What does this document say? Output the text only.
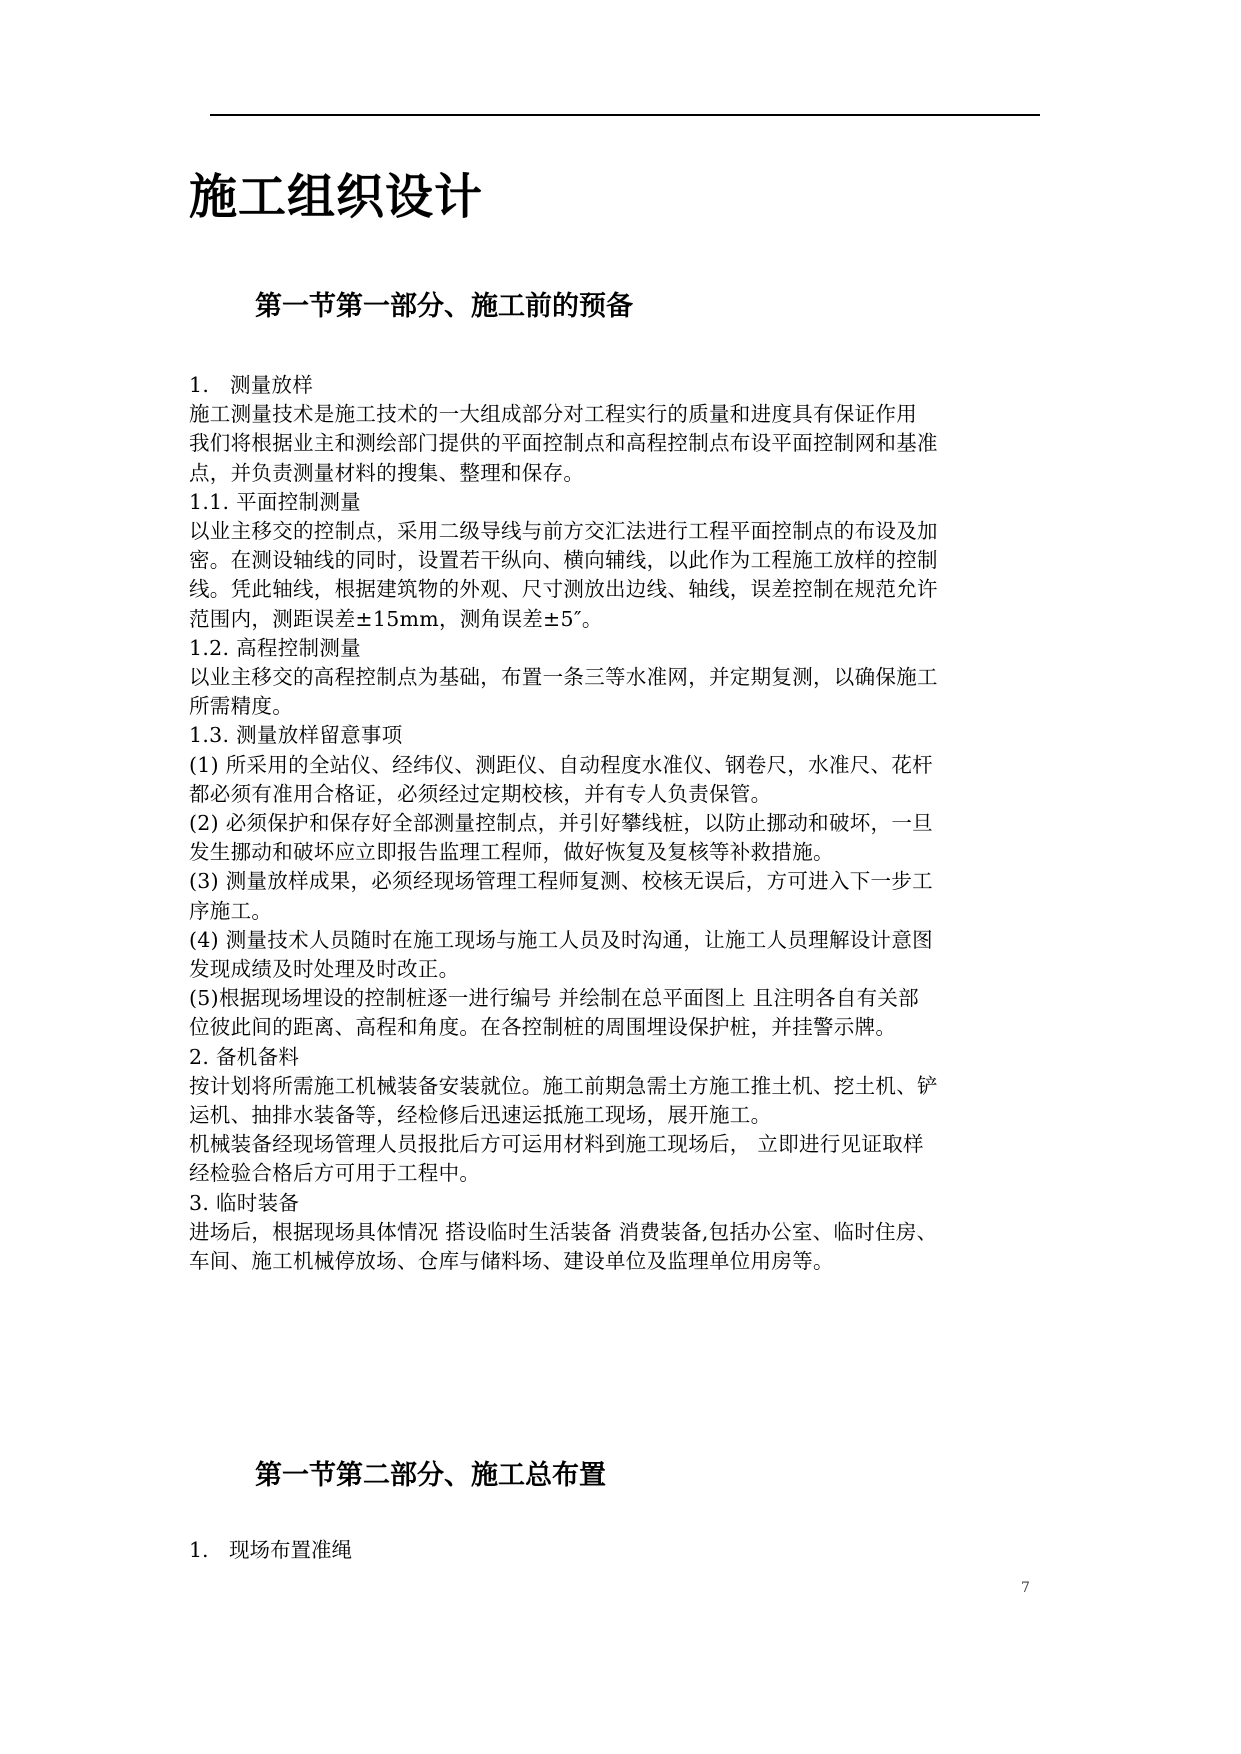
施工组织设计
第一节第一部分、施工前的预备

1.　测量放样

施工测量技术是施工技术的一大组成部分对工程实行的质量和进度具有保证作用

我们将根据业主和测绘部门提供的平面控制点和高程控制点布设平面控制网和基准

点，并负责测量材料的搜集、整理和保存。

1.1. 平面控制测量

以业主移交的控制点，采用二级导线与前方交汇法进行工程平面控制点的布设及加

密。在测设轴线的同时，设置若干纵向、横向辅线，以此作为工程施工放样的控制

线。凭此轴线，根据建筑物的外观、尺寸测放出边线、轴线，误差控制在规范允许

范围内，测距误差±15mm，测角误差±5″。

1.2. 高程控制测量

以业主移交的高程控制点为基础，布置一条三等水准网，并定期复测，以确保施工

所需精度。

1.3. 测量放样留意事项

(1) 所采用的全站仪、经纬仪、测距仪、自动程度水准仪、钢卷尺，水准尺、花杆

都必须有准用合格证，必须经过定期校核，并有专人负责保管。

(2) 必须保护和保存好全部测量控制点，并引好攀线桩，以防止挪动和破坏，一旦

发生挪动和破坏应立即报告监理工程师，做好恢复及复核等补救措施。

(3) 测量放样成果，必须经现场管理工程师复测、校核无误后，方可进入下一步工

序施工。

(4) 测量技术人员随时在施工现场与施工人员及时沟通，让施工人员理解设计意图

发现成绩及时处理及时改正。

(5)根据现场埋设的控制桩逐一进行编号 并绘制在总平面图上 且注明各自有关部

位彼此间的距离、高程和角度。在各控制桩的周围埋设保护桩，并挂警示牌。

2. 备机备料

按计划将所需施工机械装备安装就位。施工前期急需土方施工推土机、挖土机、铲

运机、抽排水装备等，经检修后迅速运抵施工现场，展开施工。

机械装备经现场管理人员报批后方可运用材料到施工现场后， 立即进行见证取样

经检验合格后方可用于工程中。

3. 临时装备

进场后，根据现场具体情况 搭设临时生活装备 消费装备,包括办公室、临时住房、

车间、施工机械停放场、仓库与储料场、建设单位及监理单位用房等。

第一节第二部分、施工总布置
1.　现场布置准绳
7
